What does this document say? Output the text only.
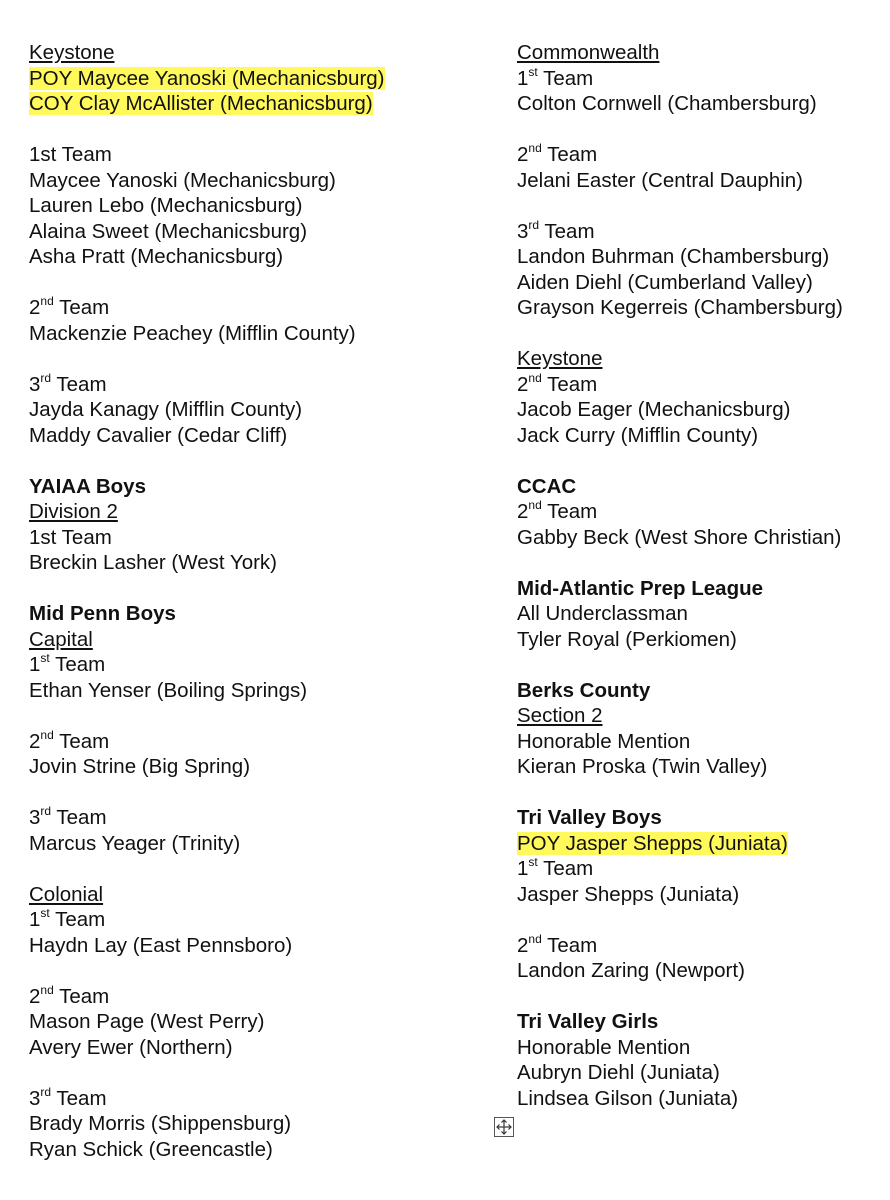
Keystone
POY Maycee Yanoski (Mechanicsburg)
COY Clay McAllister (Mechanicsburg)
1st Team
Maycee Yanoski (Mechanicsburg)
Lauren Lebo (Mechanicsburg)
Alaina Sweet (Mechanicsburg)
Asha Pratt (Mechanicsburg)
2nd Team
Mackenzie Peachey (Mifflin County)
3rd Team
Jayda Kanagy (Mifflin County)
Maddy Cavalier (Cedar Cliff)
YAIAA Boys
Division 2
1st Team
Breckin Lasher (West York)
Mid Penn Boys
Capital
1st Team
Ethan Yenser (Boiling Springs)
2nd Team
Jovin Strine (Big Spring)
3rd Team
Marcus Yeager (Trinity)
Colonial
1st Team
Haydn Lay (East Pennsboro)
2nd Team
Mason Page (West Perry)
Avery Ewer (Northern)
3rd Team
Brady Morris (Shippensburg)
Ryan Schick (Greencastle)
Commonwealth
1st Team
Colton Cornwell (Chambersburg)
2nd Team
Jelani Easter (Central Dauphin)
3rd Team
Landon Buhrman (Chambersburg)
Aiden Diehl (Cumberland Valley)
Grayson Kegerreis (Chambersburg)
Keystone
2nd Team
Jacob Eager (Mechanicsburg)
Jack Curry (Mifflin County)
CCAC
2nd Team
Gabby Beck (West Shore Christian)
Mid-Atlantic Prep League
All Underclassman
Tyler Royal (Perkiomen)
Berks County
Section 2
Honorable Mention
Kieran Proska (Twin Valley)
Tri Valley Boys
POY Jasper Shepps (Juniata)
1st Team
Jasper Shepps (Juniata)
2nd Team
Landon Zaring (Newport)
Tri Valley Girls
Honorable Mention
Aubryn Diehl (Juniata)
Lindsea Gilson (Juniata)
